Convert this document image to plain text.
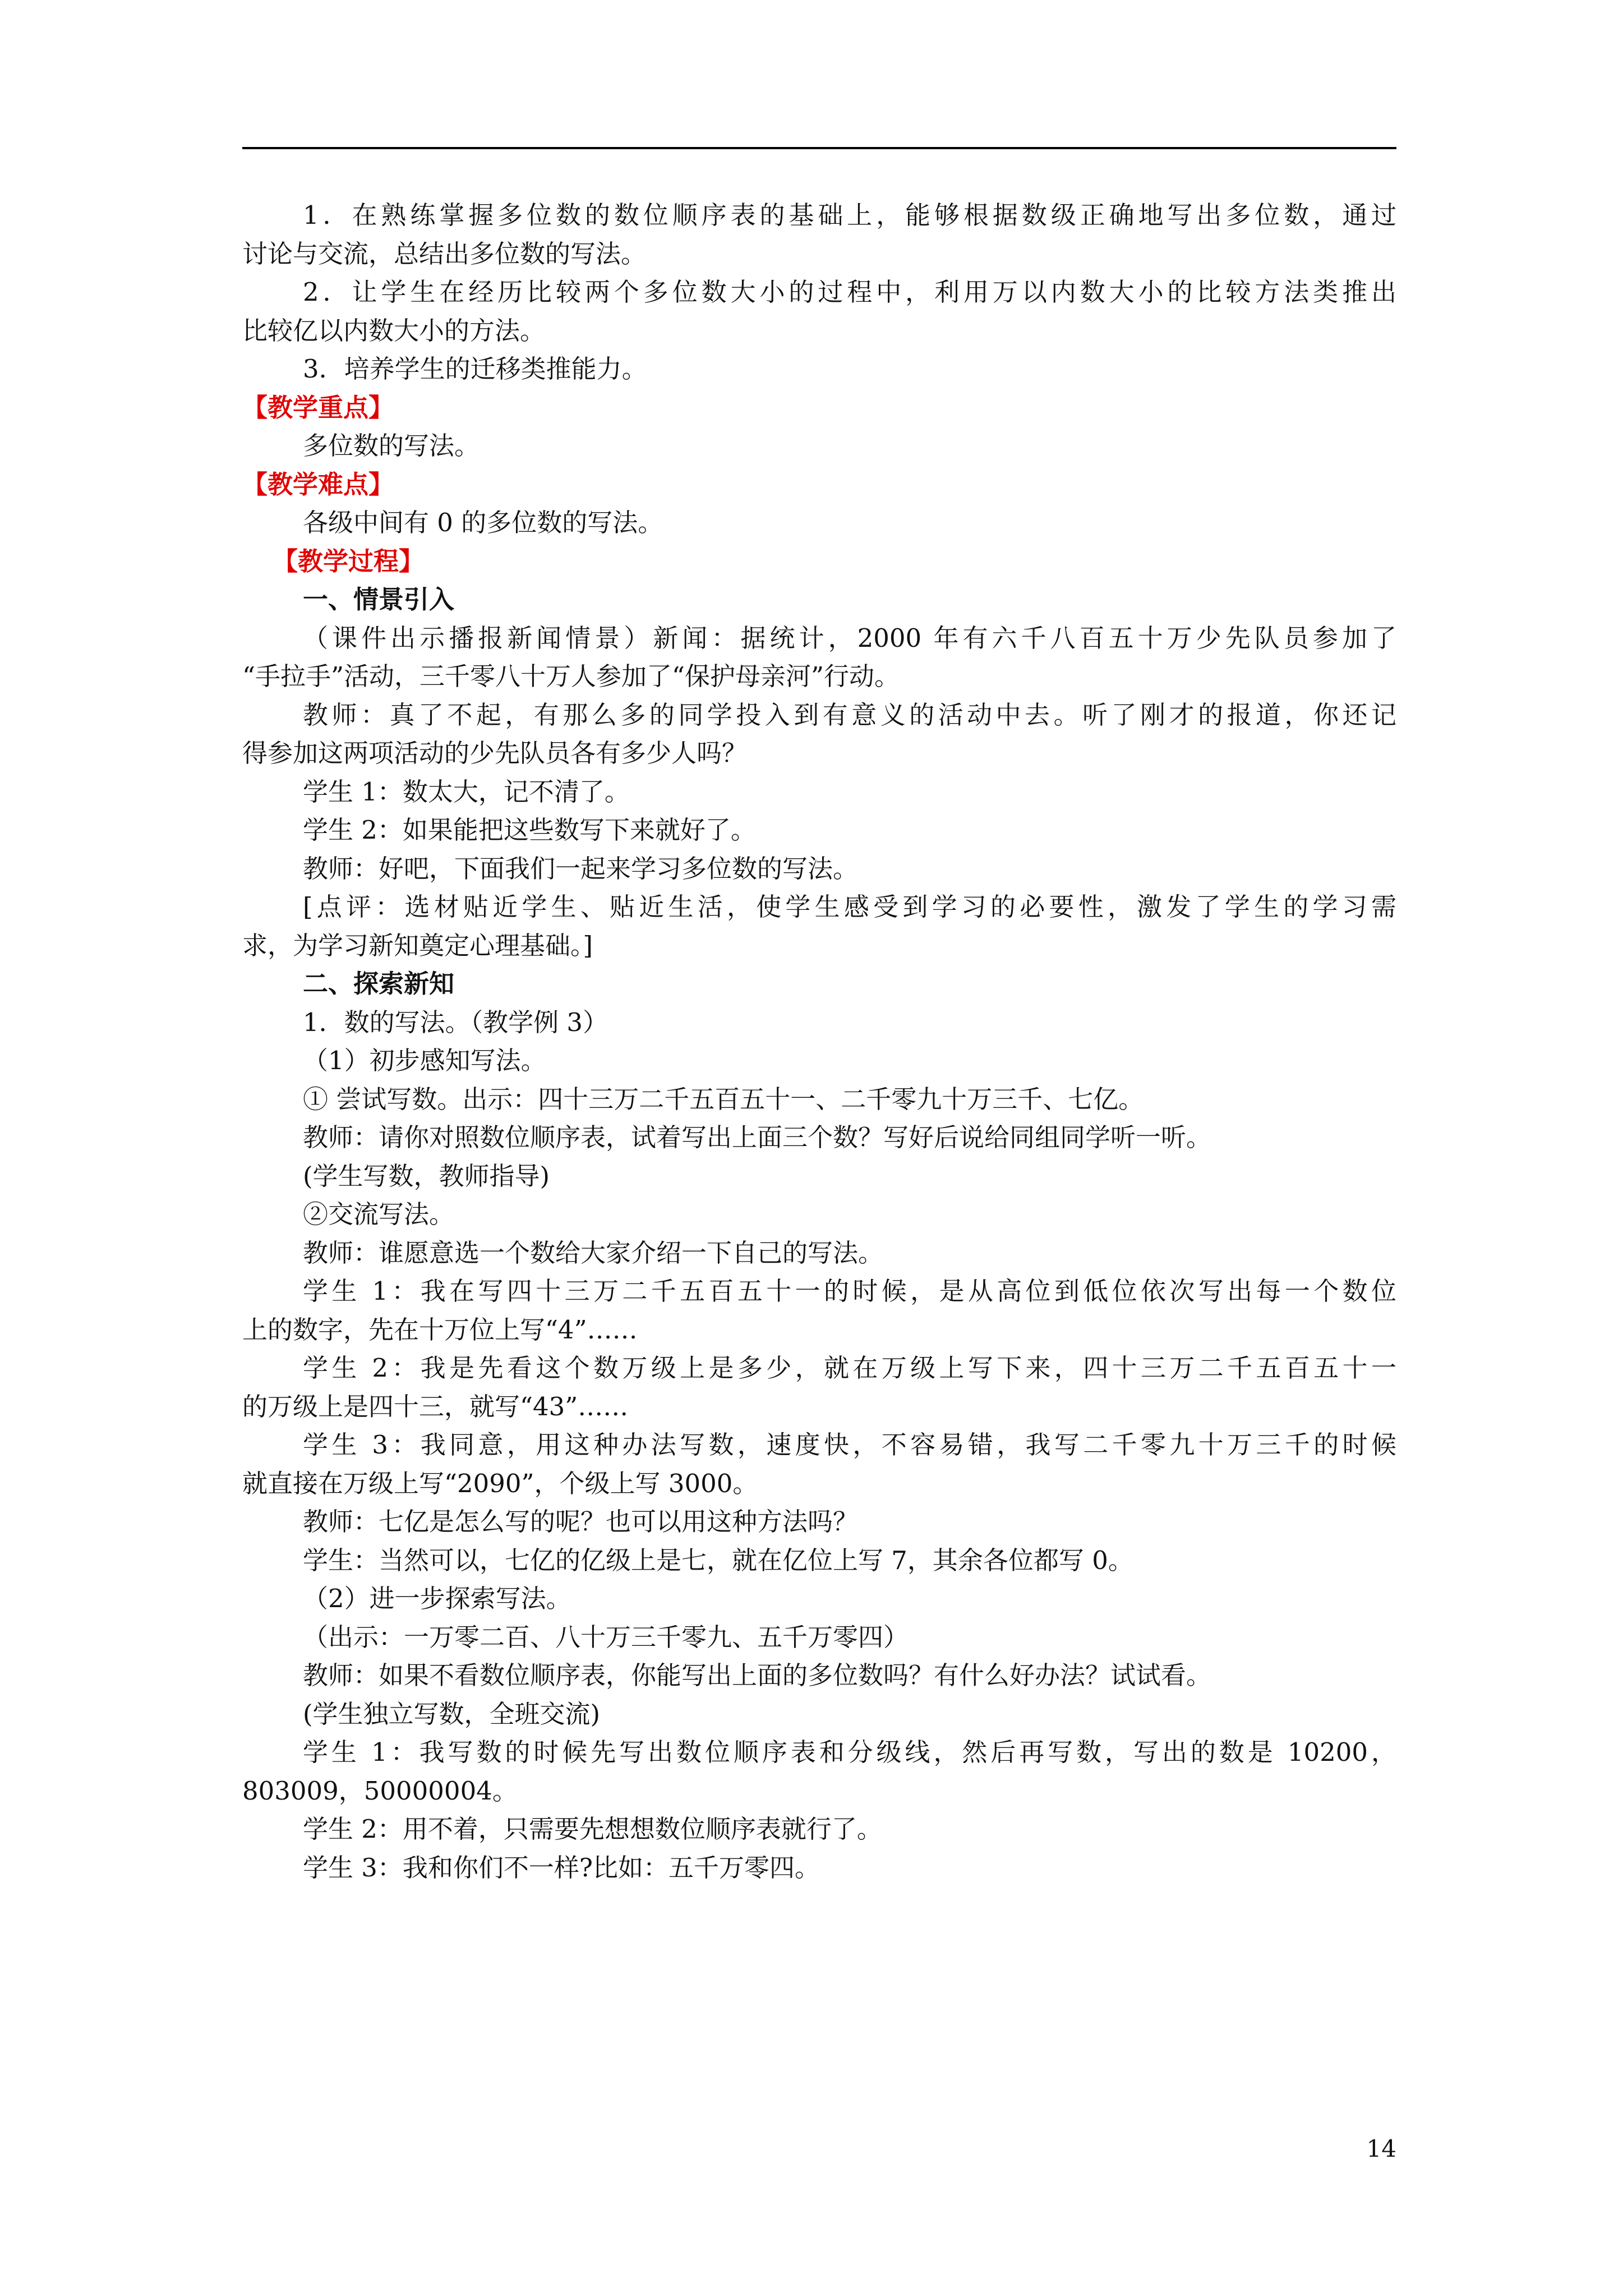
1．在熟练掌握多位数的数位顺序表的基础上，能够根据数级正确地写出多位数，通过
讨论与交流，总结出多位数的写法。
2．让学生在经历比较两个多位数大小的过程中，利用万以内数大小的比较方法类推出
比较亿以内数大小的方法。
3．培养学生的迁移类推能力。
【教学重点】
多位数的写法。
【教学难点】
各级中间有 0 的多位数的写法。
【教学过程】
一、情景引入
（课件出示播报新闻情景）新闻：据统计，2000 年有六千八百五十万少先队员参加了
“手拉手”活动，三千零八十万人参加了“保护母亲河”行动。
教师：真了不起，有那么多的同学投入到有意义的活动中去。听了刚才的报道，你还记
得参加这两项活动的少先队员各有多少人吗？
学生 1：数太大，记不清了。
学生 2：如果能把这些数写下来就好了。
教师：好吧，下面我们一起来学习多位数的写法。
[点评：选材贴近学生、贴近生活，使学生感受到学习的必要性，激发了学生的学习需
求，为学习新知奠定心理基础。]
二、探索新知
1．数的写法。（教学例 3）
（1）初步感知写法。
① 尝试写数。出示：四十三万二千五百五十一、二千零九十万三千、七亿。
教师：请你对照数位顺序表，试着写出上面三个数？写好后说给同组同学听一听。
(学生写数，教师指导)
②交流写法。
教师：谁愿意选一个数给大家介绍一下自己的写法。
学生 1：我在写四十三万二千五百五十一的时候，是从高位到低位依次写出每一个数位
上的数字，先在十万位上写“4”……
学生 2：我是先看这个数万级上是多少，就在万级上写下来，四十三万二千五百五十一
的万级上是四十三，就写“43”……
学生 3：我同意，用这种办法写数，速度快，不容易错，我写二千零九十万三千的时候
就直接在万级上写“2090”，个级上写 3000。
教师：七亿是怎么写的呢？也可以用这种方法吗？
学生：当然可以，七亿的亿级上是七，就在亿位上写 7，其余各位都写 0。
（2）进一步探索写法。
（出示：一万零二百、八十万三千零九、五千万零四）
教师：如果不看数位顺序表，你能写出上面的多位数吗？有什么好办法？试试看。
(学生独立写数，全班交流)
学生 1：我写数的时候先写出数位顺序表和分级线，然后再写数，写出的数是 10200，
803009，50000004。
学生 2：用不着，只需要先想想数位顺序表就行了。
学生 3：我和你们不一样?比如：五千万零四。
14
